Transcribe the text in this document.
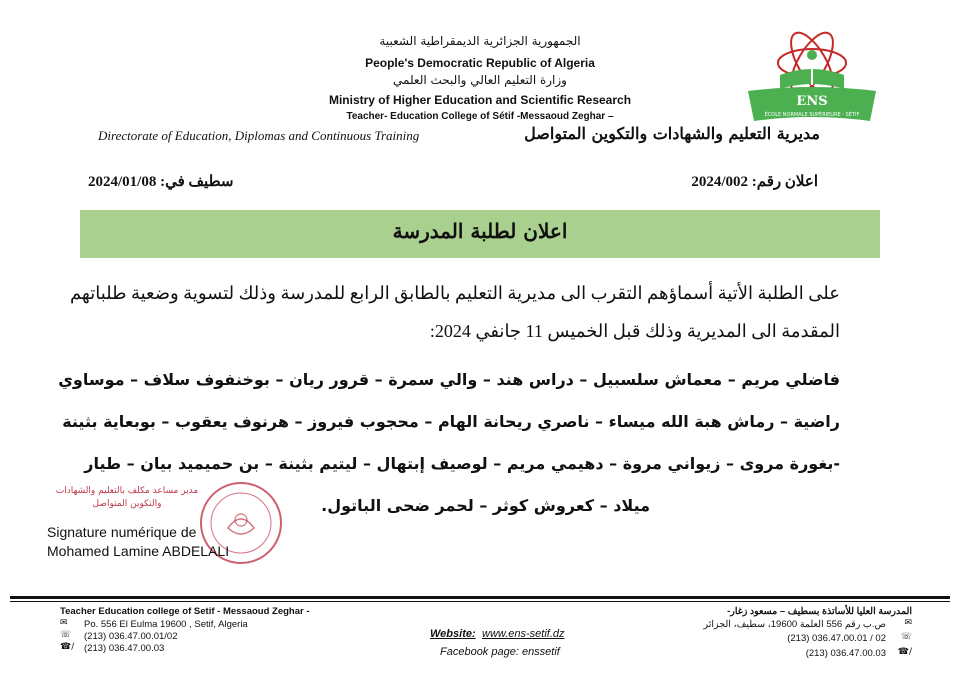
الجمهورية الجزائرية الديمقراطية الشعبية
People's Democratic Republic of Algeria
وزارة التعليم العالي والبحث العلمي
Ministry of Higher Education and Scientific Research
Teacher- Education College of Sétif -Messaoud Zeghar –
Directorate of Education, Diplomas and Continuous Training	مديرية التعليم والشهادات والتكوين المتواصل
ENS
ÉCOLE NORMALE SUPÉRIEURE - SÉTIF
اعلان رقم: 2024/002
سطيف في: 2024/01/08
اعلان لطلبة المدرسة
على الطلبة الأتية أسماؤهم التقرب الى مديرية التعليم بالطابق الرابع للمدرسة وذلك لتسوية وضعية طلباتهم
المقدمة الى المديرية وذلك قبل الخميس 11 جانفي 2024:
فاضلي مريم – معماش سلسبيل – دراس هند – والي سمرة – قرور ريان – بوخنفوف سلاف – موساوي
راضية – رماش هبة الله ميساء – ناصري ريحانة الهام – محجوب فيروز – هرنوف يعقوب – بوبعاية بثينة
-بغورة مروى – زيواني مروة – دهيمي مريم – لوصيف إبتهال – ليتيم بثينة – بن حميميد بيان – طيار
ميلاد – كعروش كوثر – لحمر ضحى الباتول.
مدير مساعد مكلف بالتعليم والشهادات والتكوين المتواصل
Signature numérique de
Mohamed Lamine ABDELALI
Teacher Education college of Setif - Messaoud Zeghar -
✉ Po. 556 El Eulma 19600 , Setif, Algeria
☏ (213) 036.47.00.01/02
☎/ (213) 036.47.00.03
Website: www.ens-setif.dz
Facebook page: enssetif
المدرسة العليا للأساتذة بسطيف – مسعود زغار-
✉
ص.ب رقم 556 العلمة 19600، سطيف، الجزائر
☏
(213) 036.47.00.01 / 02
☎/
(213) 036.47.00.03
